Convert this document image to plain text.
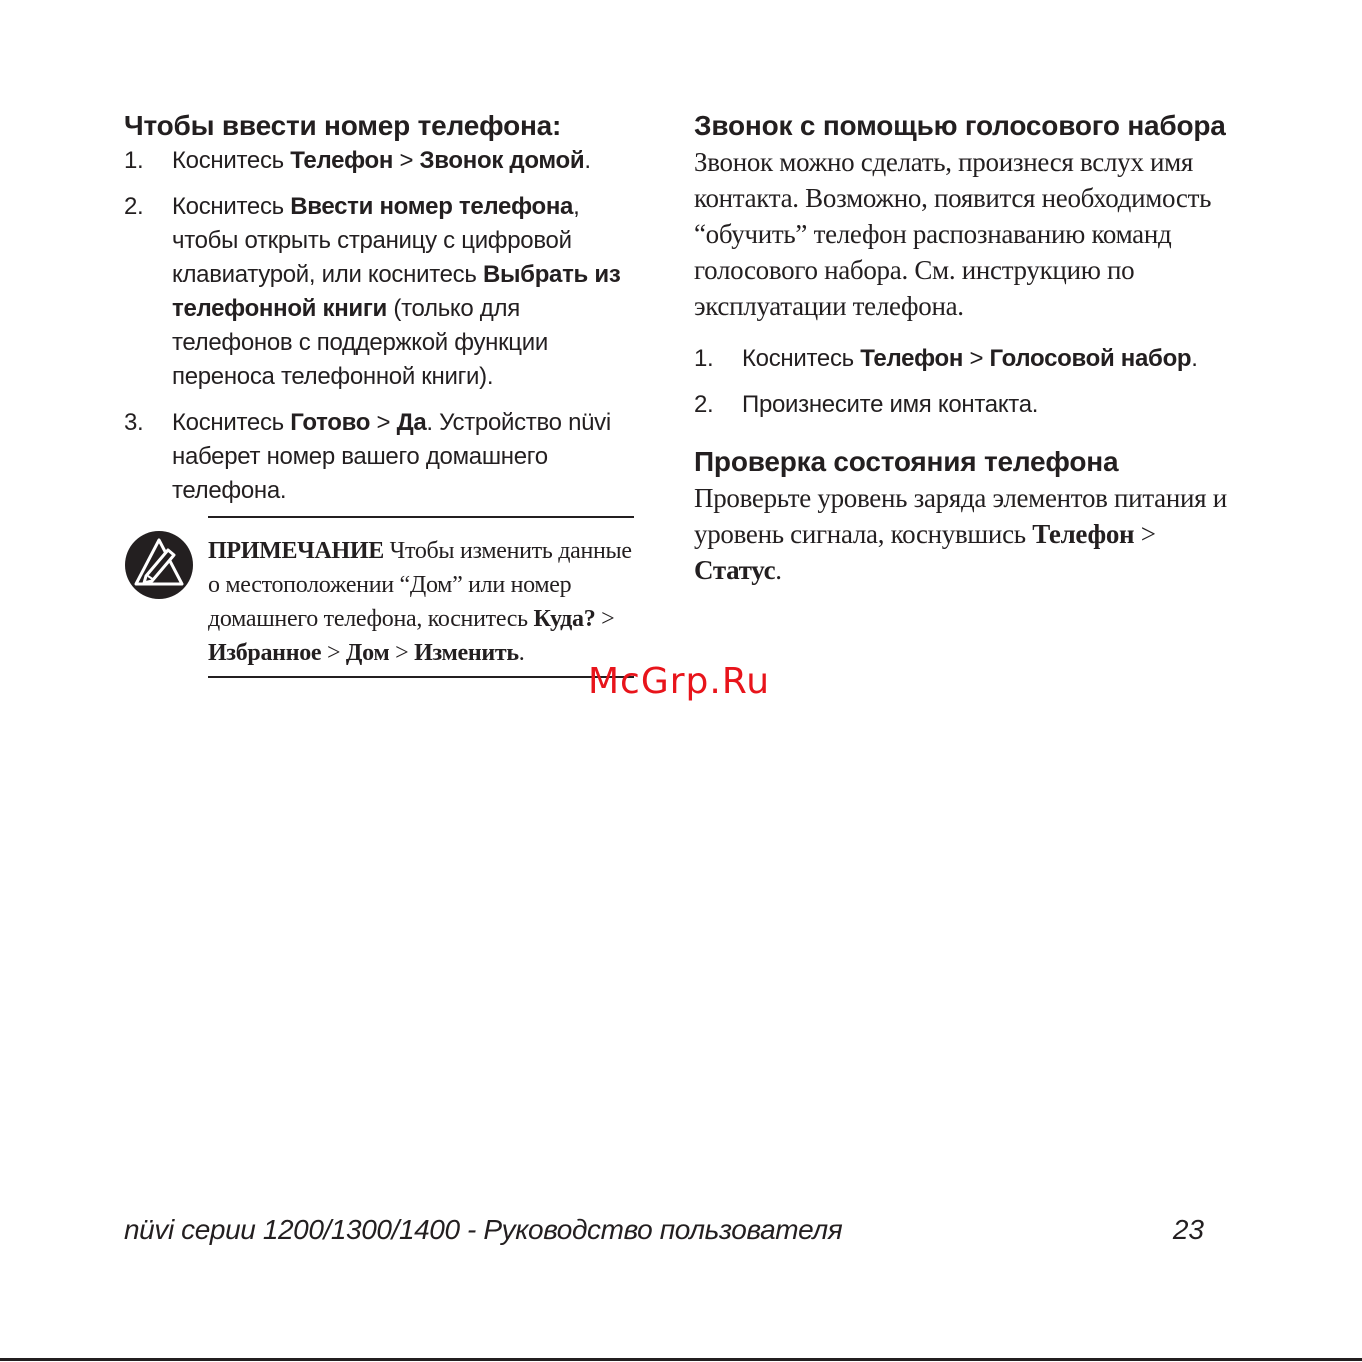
Чтобы ввести номер телефона:
1. Коснитесь Телефон > Звонок домой.
2. Коснитесь Ввести номер телефона, чтобы открыть страницу с цифровой клавиатурой, или коснитесь Выбрать из телефонной книги (только для телефонов с поддержкой функции переноса телефонной книги).
3. Коснитесь Готово > Да. Устройство nüvi наберет номер вашего домашнего телефона.
ПРИМЕЧАНИЕ Чтобы изменить данные о местоположении “Дом” или номер домашнего телефона, коснитесь Куда? > Избранное > Дом > Изменить.
Звонок с помощью голосового набора

Звонок можно сделать, произнеся вслух имя контакта. Возможно, появится необходимость “обучить” телефон распознаванию команд голосового набора. См. инструкцию по эксплуатации телефона.

1. Коснитесь Телефон > Голосовой набор.
2. Произнесите имя контакта.
Проверка состояния телефона

Проверьте уровень заряда элементов питания и уровень сигнала, коснувшись Телефон > Статус.

McGrp.Ru
nüvi серии 1200/1300/1400 - Руководство пользователя	23
